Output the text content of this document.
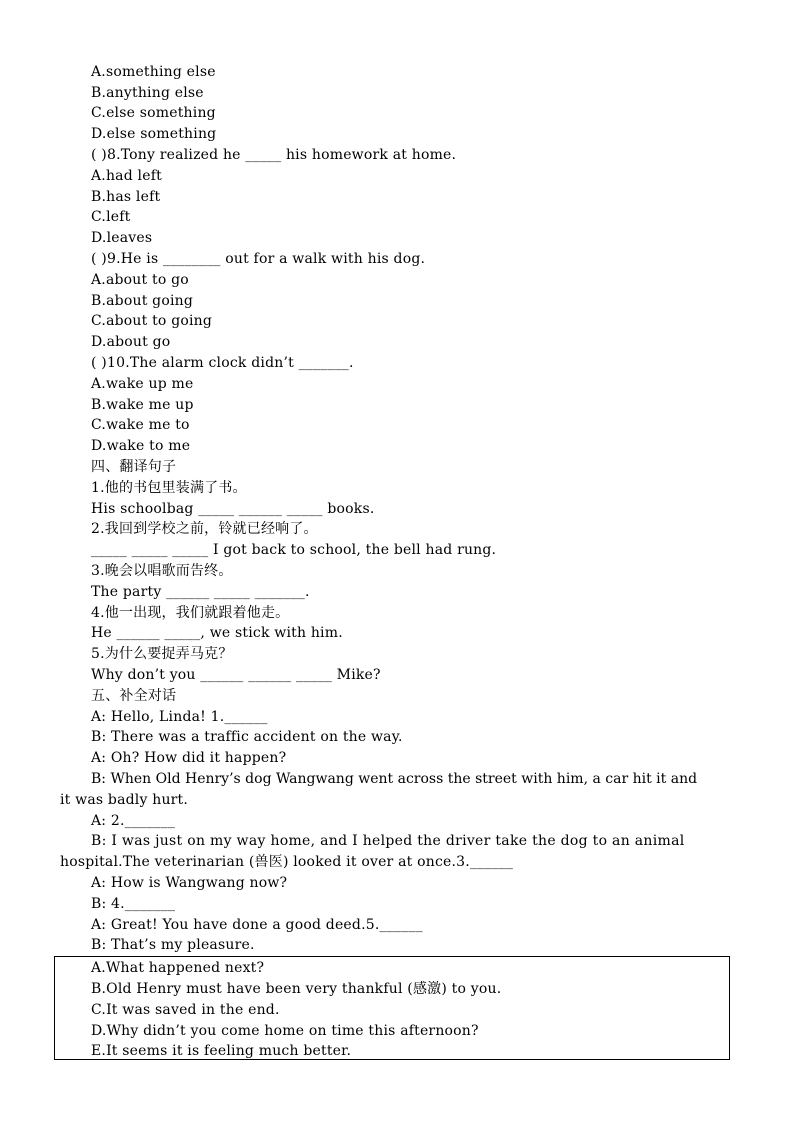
A.something else
B.anything else
C.else something
D.else something
( )8.Tony realized he _____ his homework at home.
A.had left
B.has left
C.left
D.leaves
( )9.He is ________ out for a walk with his dog.
A.about to go
B.about going
C.about to going
D.about go
( )10.The alarm clock didn’t _______.
A.wake up me
B.wake me up
C.wake me to
D.wake to me
四、翻译句子
1.他的书包里装满了书。
His schoolbag _____ ______ _____ books.
2.我回到学校之前，铃就已经响了。
_____ _____ _____ I got back to school, the bell had rung.
3.晚会以唱歌而告终。
The party ______ _____ _______.
4.他一出现，我们就跟着他走。
He ______ _____, we stick with him.
5.为什么要捉弄马克？
Why don’t you ______ ______ _____ Mike?
五、补全对话
A: Hello, Linda! 1.______
B: There was a traffic accident on the way.
A: Oh? How did it happen?
B: When Old Henry’s dog Wangwang went across the street with him, a car hit it and
it was badly hurt.
A: 2._______
B: I was just on my way home, and I helped the driver take the dog to an animal
hospital.The veterinarian (兽医) looked it over at once.3.______
A: How is Wangwang now?
B: 4._______
A: Great! You have done a good deed.5.______
B: That’s my pleasure.
A.What happened next?
B.Old Henry must have been very thankful (感激) to you.
C.It was saved in the end.
D.Why didn’t you come home on time this afternoon?
E.It seems it is feeling much better.
